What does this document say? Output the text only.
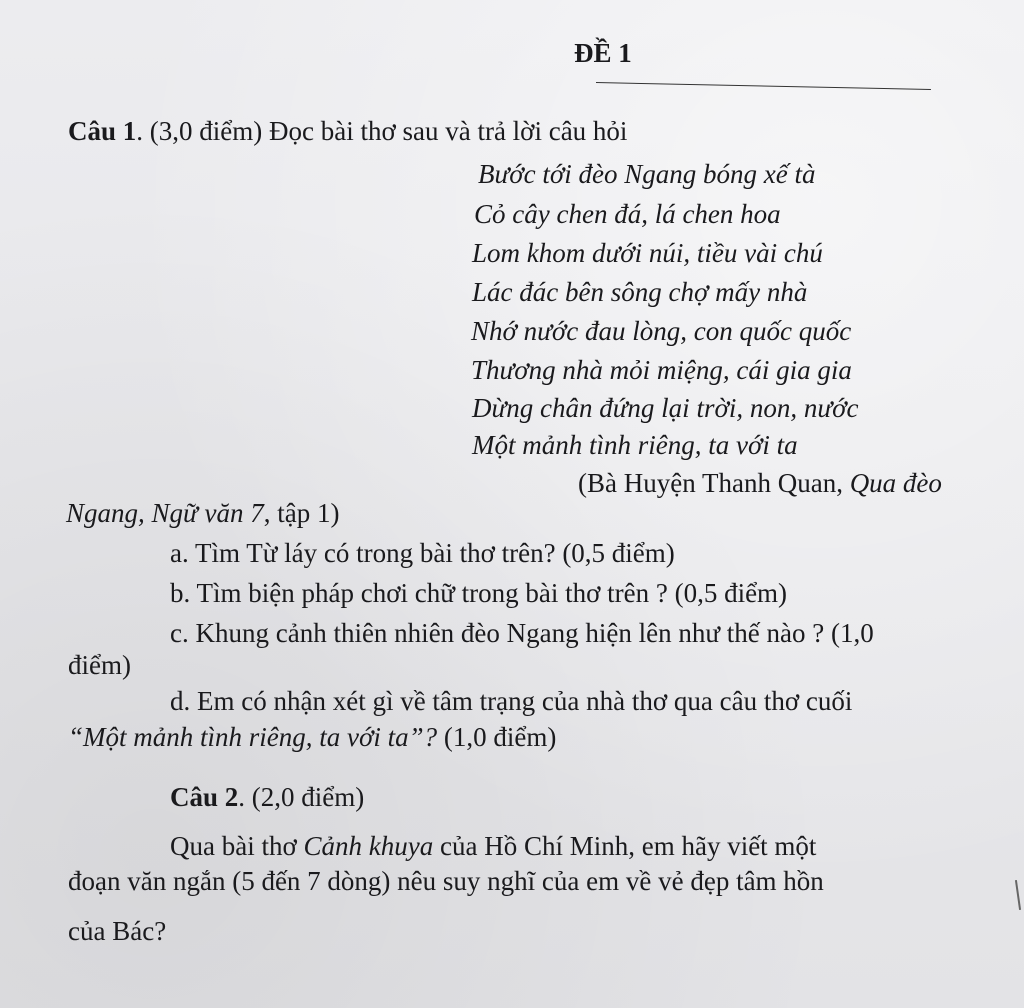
ĐỀ 1
Câu 1. (3,0 điểm) Đọc bài thơ sau và trả lời câu hỏi
Bước tới đèo Ngang bóng xế tà
Cỏ cây chen đá, lá chen hoa
Lom khom dưới núi, tiều vài chú
Lác đác bên sông chợ mấy nhà
Nhớ nước đau lòng, con quốc quốc
Thương nhà mỏi miệng, cái gia gia
Dừng chân đứng lại trời, non, nước
Một mảnh tình riêng, ta với ta
(Bà Huyện Thanh Quan, Qua đèo
Ngang, Ngữ văn 7, tập 1)
a. Tìm Từ láy có trong bài thơ trên? (0,5 điểm)
b. Tìm biện pháp chơi chữ trong bài thơ trên ? (0,5 điểm)
c. Khung cảnh thiên nhiên đèo Ngang hiện lên như thế nào ? (1,0
điểm)
d. Em có nhận xét gì về tâm trạng của nhà thơ qua câu thơ cuối
“Một mảnh tình riêng, ta với ta”? (1,0 điểm)
Câu 2. (2,0 điểm)
Qua bài thơ Cảnh khuya của Hồ Chí Minh, em hãy viết một
đoạn văn ngắn (5 đến 7 dòng) nêu suy nghĩ của em về vẻ đẹp tâm hồn
của Bác?
